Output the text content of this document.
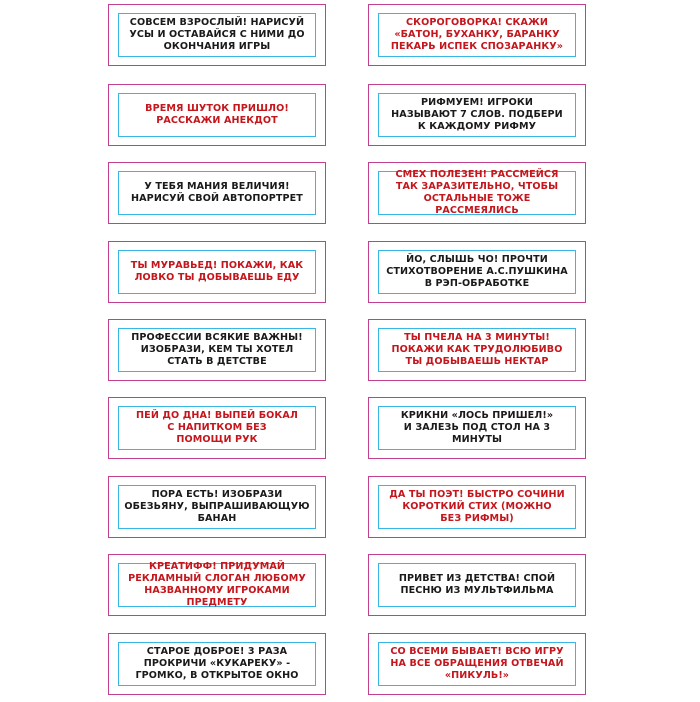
СОВСЕМ ВЗРОСЛЫЙ! НАРИСУЙ
УСЫ И ОСТАВАЙСЯ С НИМИ ДО
ОКОНЧАНИЯ ИГРЫ
ВРЕМЯ ШУТОК ПРИШЛО!
РАССКАЖИ АНЕКДОТ
У ТЕБЯ МАНИЯ ВЕЛИЧИЯ!
НАРИСУЙ СВОЙ АВТОПОРТРЕТ
ТЫ МУРАВЬЕД! ПОКАЖИ, КАК
ЛОВКО ТЫ ДОБЫВАЕШЬ ЕДУ
ПРОФЕССИИ ВСЯКИЕ ВАЖНЫ!
ИЗОБРАЗИ, КЕМ ТЫ ХОТЕЛ
СТАТЬ В ДЕТСТВЕ
ПЕЙ ДО ДНА! ВЫПЕЙ БОКАЛ
С НАПИТКОМ БЕЗ
ПОМОЩИ РУК
ПОРА ЕСТЬ! ИЗОБРАЗИ
ОБЕЗЬЯНУ, ВЫПРАШИВАЮЩУЮ
БАНАН
КРЕАТИФФ! ПРИДУМАЙ
РЕКЛАМНЫЙ СЛОГАН ЛЮБОМУ
НАЗВАННОМУ ИГРОКАМИ
ПРЕДМЕТУ
СТАРОЕ ДОБРОЕ! 3 РАЗА
ПРОКРИЧИ «КУКАРЕКУ» -
ГРОМКО, В ОТКРЫТОЕ ОКНО
СКОРОГОВОРКА! СКАЖИ
«БАТОН, БУХАНКУ, БАРАНКУ
ПЕКАРЬ ИСПЕК СПОЗАРАНКУ»
РИФМУЕМ! ИГРОКИ
НАЗЫВАЮТ 7 СЛОВ. ПОДБЕРИ
К КАЖДОМУ РИФМУ
СМЕХ ПОЛЕЗЕН! РАССМЕЙСЯ
ТАК ЗАРАЗИТЕЛЬНО, ЧТОБЫ
ОСТАЛЬНЫЕ ТОЖЕ
РАССМЕЯЛИСЬ
ЙО, СЛЫШЬ ЧО! ПРОЧТИ
СТИХОТВОРЕНИЕ А.С.ПУШКИНА
В РЭП-ОБРАБОТКЕ
ТЫ ПЧЕЛА НА 3 МИНУТЫ!
ПОКАЖИ КАК ТРУДОЛЮБИВО
ТЫ ДОБЫВАЕШЬ НЕКТАР
КРИКНИ «ЛОСЬ ПРИШЕЛ!»
И ЗАЛЕЗЬ ПОД СТОЛ НА 3
МИНУТЫ
ДА ТЫ ПОЭТ! БЫСТРО СОЧИНИ
КОРОТКИЙ СТИХ (МОЖНО
БЕЗ РИФМЫ)
ПРИВЕТ ИЗ ДЕТСТВА! СПОЙ
ПЕСНЮ ИЗ МУЛЬТФИЛЬМА
СО ВСЕМИ БЫВАЕТ! ВСЮ ИГРУ
НА ВСЕ ОБРАЩЕНИЯ ОТВЕЧАЙ
«ПИКУЛЬ!»
